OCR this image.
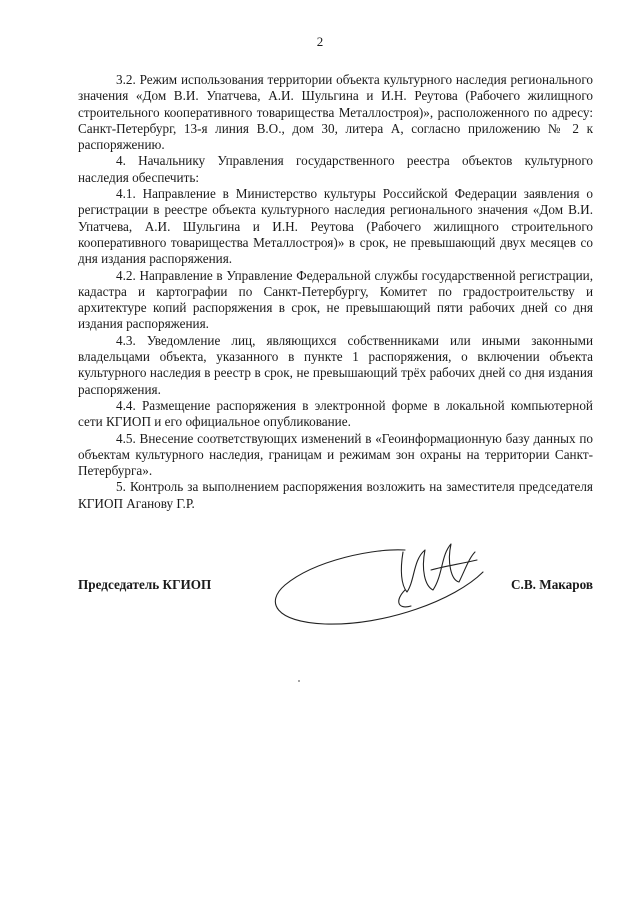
2

3.2. Режим использования территории объекта культурного наследия регионального значения «Дом В.И. Упатчева, А.И. Шульгина и И.Н. Реутова (Рабочего жилищного строительного кооперативного товарищества Металлостроя)», расположенного по адресу: Санкт-Петербург, 13-я линия В.О., дом 30, литера А, согласно приложению № 2 к распоряжению.

4. Начальнику Управления государственного реестра объектов культурного наследия обеспечить:

4.1. Направление в Министерство культуры Российской Федерации заявления о регистрации в реестре объекта культурного наследия регионального значения «Дом В.И. Упатчева, А.И. Шульгина и И.Н. Реутова (Рабочего жилищного строительного кооперативного товарищества Металлостроя)» в срок, не превышающий двух месяцев со дня издания распоряжения.

4.2. Направление в Управление Федеральной службы государственной регистрации, кадастра и картографии по Санкт-Петербургу, Комитет по градостроительству и архитектуре копий распоряжения в срок, не превышающий пяти рабочих дней со дня издания распоряжения.

4.3. Уведомление лиц, являющихся собственниками или иными законными владельцами объекта, указанного в пункте 1 распоряжения, о включении объекта культурного наследия в реестр в срок, не превышающий трёх рабочих дней со дня издания распоряжения.

4.4. Размещение распоряжения в электронной форме в локальной компьютерной сети КГИОП и его официальное опубликование.

4.5. Внесение соответствующих изменений в «Геоинформационную базу данных по объектам культурного наследия, границам и режимам зон охраны на территории Санкт-Петербурга».

5. Контроль за выполнением распоряжения возложить на заместителя председателя КГИОП Аганову Г.Р.

Председатель КГИОП	С.В. Макаров
